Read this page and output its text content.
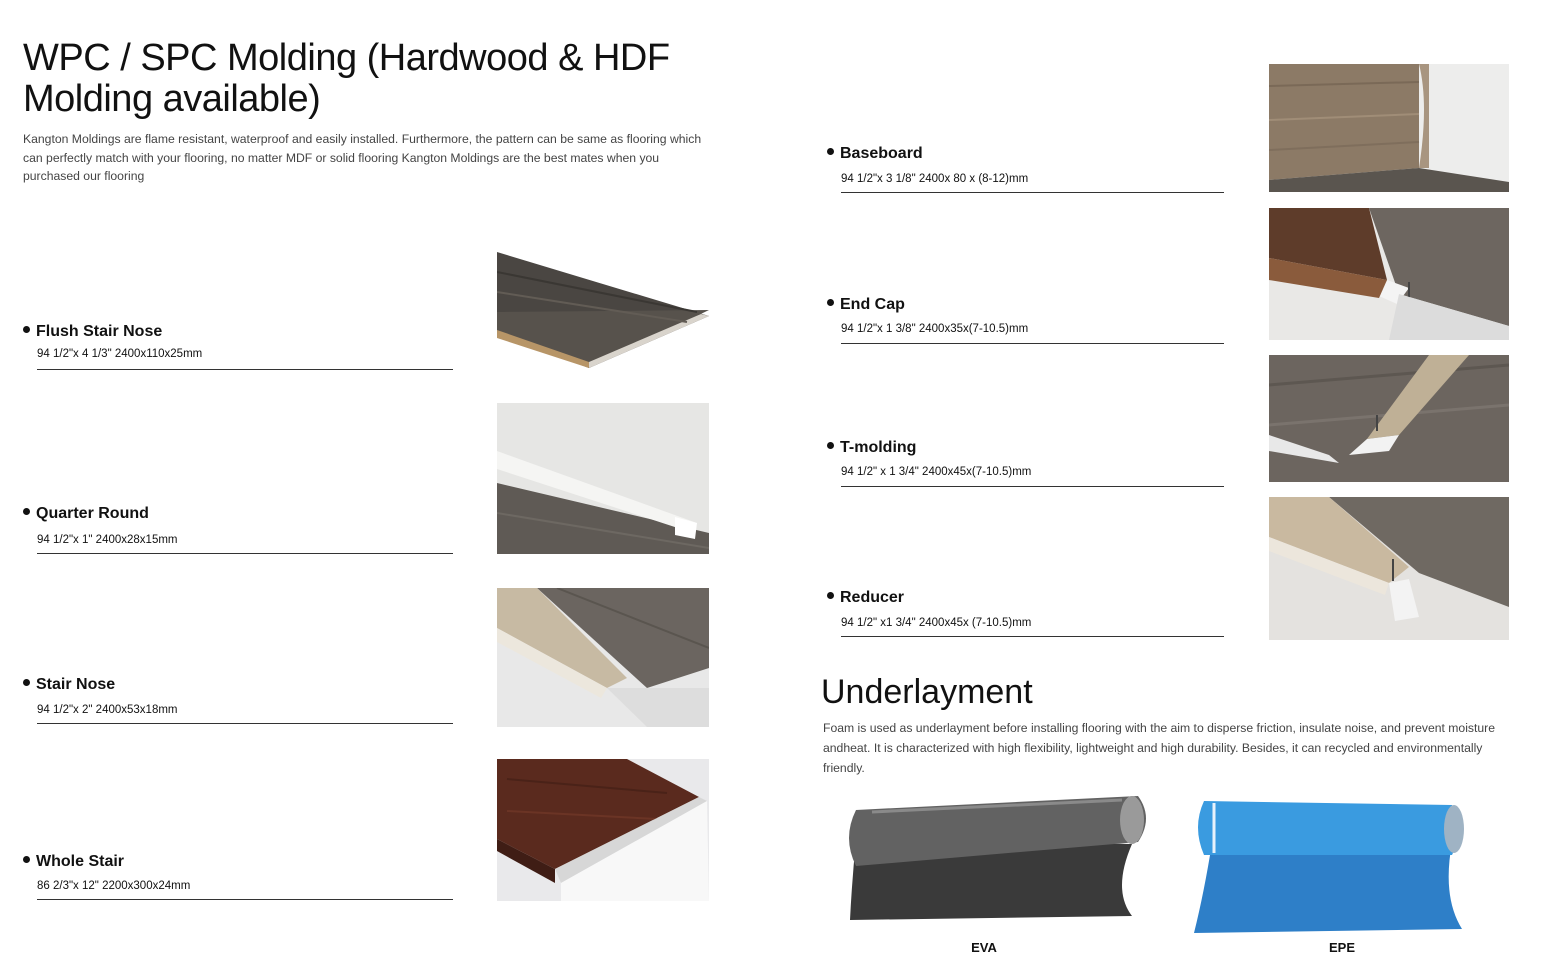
WPC / SPC Molding (Hardwood & HDF Molding available)
Kangton Moldings are flame resistant, waterproof and easily installed. Furthermore, the pattern can be same as flooring which can perfectly match with your flooring, no matter MDF or solid flooring Kangton Moldings are the best mates when you purchased our flooring
Flush Stair Nose
94 1/2"x 4 1/3" 2400x110x25mm
Quarter Round
94 1/2"x 1" 2400x28x15mm
Stair Nose
94 1/2"x 2" 2400x53x18mm
Whole Stair
86 2/3"x 12" 2200x300x24mm
Baseboard
94 1/2"x 3 1/8" 2400x 80 x (8-12)mm
End Cap
94 1/2"x 1 3/8" 2400x35x(7-10.5)mm
T-molding
94 1/2" x 1 3/4" 2400x45x(7-10.5)mm
Reducer
94 1/2" x1 3/4" 2400x45x (7-10.5)mm
Underlayment
Foam is used as underlayment before installing flooring with the aim to disperse friction, insulate noise, and prevent moisture andheat. It is characterized with high flexibility, lightweight and high durability. Besides, it can recycled and environmentally friendly.
EVA	EPE
